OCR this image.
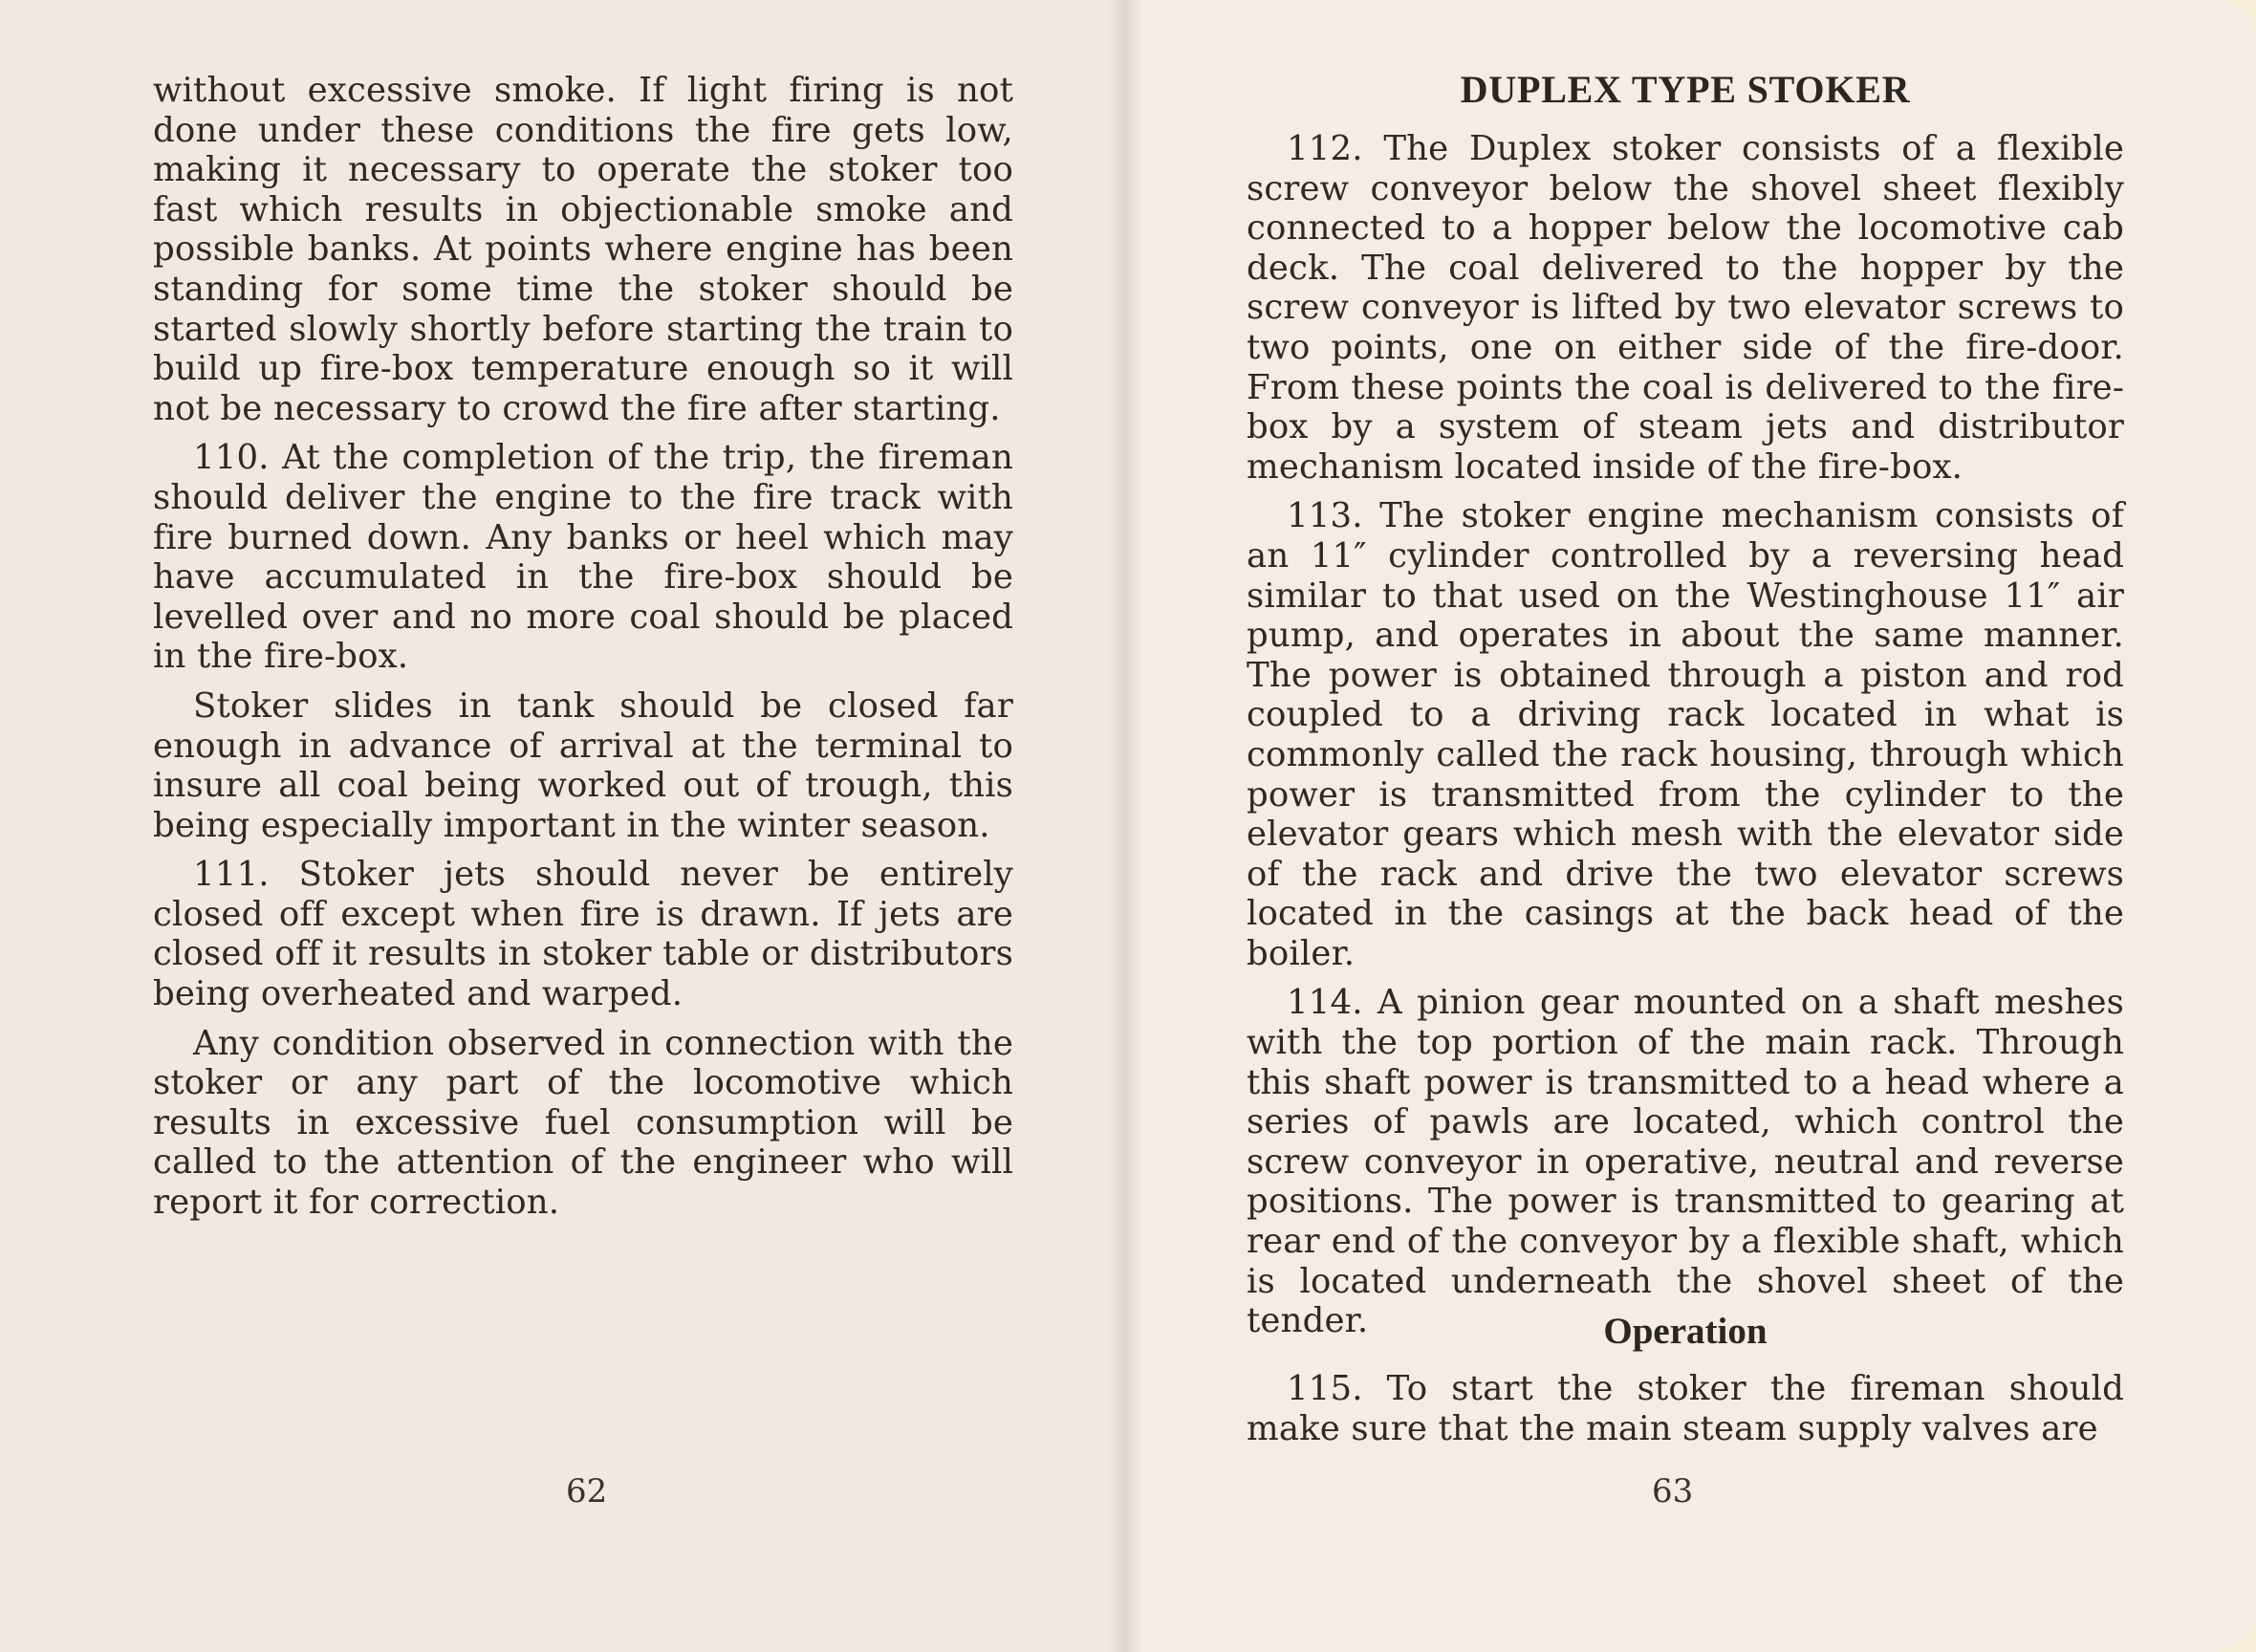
without excessive smoke. If light firing is not done under these conditions the fire gets low, making it necessary to operate the stoker too fast which results in objectionable smoke and possible banks. At points where engine has been standing for some time the stoker should be started slowly shortly before starting the train to build up fire-box temperature enough so it will not be necessary to crowd the fire after starting.

110. At the completion of the trip, the fireman should deliver the engine to the fire track with fire burned down. Any banks or heel which may have accumulated in the fire-box should be levelled over and no more coal should be placed in the fire-box.

Stoker slides in tank should be closed far enough in advance of arrival at the terminal to insure all coal being worked out of trough, this being especially important in the winter season.

111. Stoker jets should never be entirely closed off except when fire is drawn. If jets are closed off it results in stoker table or distributors being overheated and warped.

Any condition observed in connection with the stoker or any part of the locomotive which results in excessive fuel consumption will be called to the attention of the engineer who will report it for correction.

62
DUPLEX TYPE STOKER

112. The Duplex stoker consists of a flexible screw conveyor below the shovel sheet flexibly connected to a hopper below the locomotive cab deck. The coal delivered to the hopper by the screw conveyor is lifted by two elevator screws to two points, one on either side of the fire-door. From these points the coal is delivered to the fire-box by a system of steam jets and distributor mechanism located inside of the fire-box.

113. The stoker engine mechanism consists of an 11″ cylinder controlled by a reversing head similar to that used on the Westinghouse 11″ air pump, and operates in about the same manner. The power is obtained through a piston and rod coupled to a driving rack located in what is commonly called the rack housing, through which power is transmitted from the cylinder to the elevator gears which mesh with the elevator side of the rack and drive the two elevator screws located in the casings at the back head of the boiler.

114. A pinion gear mounted on a shaft meshes with the top portion of the main rack. Through this shaft power is transmitted to a head where a series of pawls are located, which control the screw conveyor in operative, neutral and reverse positions. The power is transmitted to gearing at rear end of the conveyor by a flexible shaft, which is located underneath the shovel sheet of the tender.	Operation

115. To start the stoker the fireman should make sure that the main steam supply valves are

63
